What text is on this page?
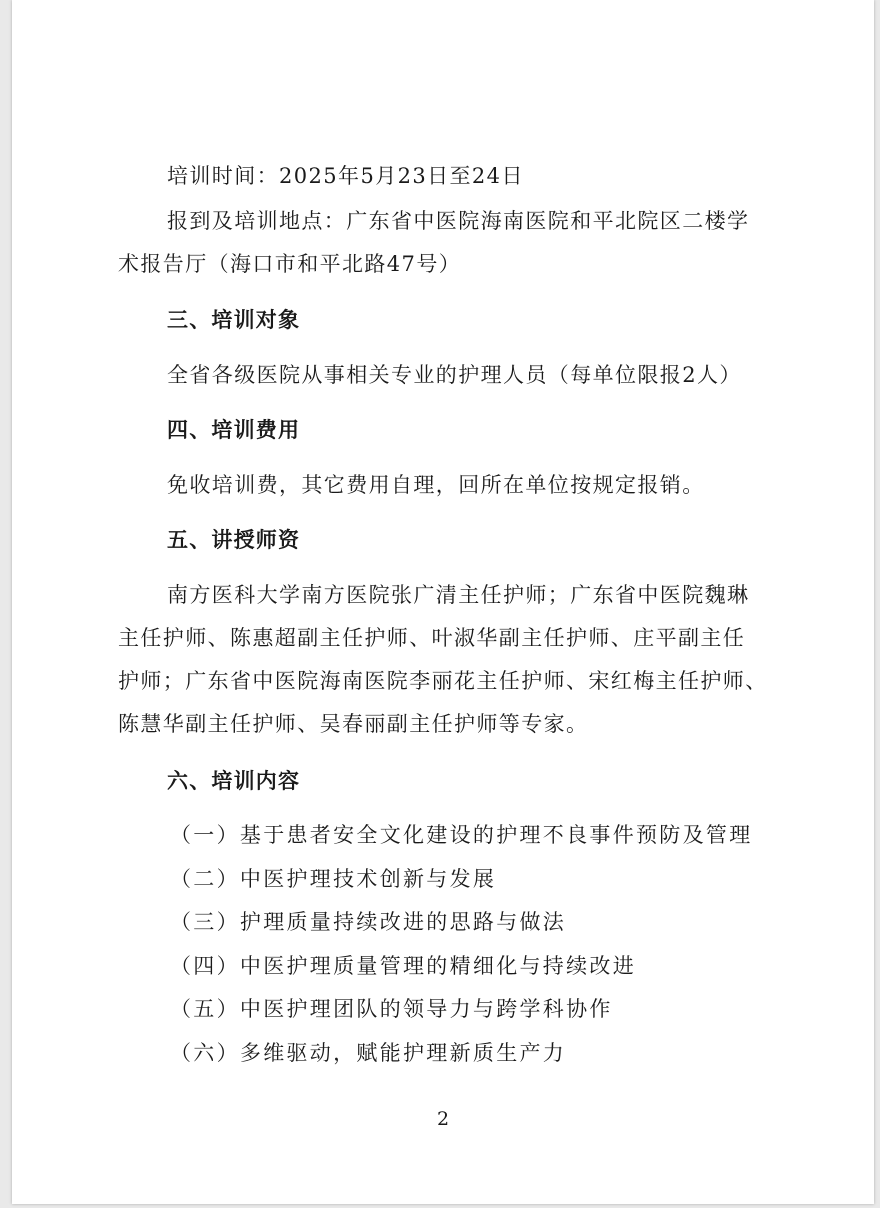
培训时间：2025年5月23日至24日
报到及培训地点：广东省中医院海南医院和平北院区二楼学
术报告厅（海口市和平北路47号）
三、培训对象
全省各级医院从事相关专业的护理人员（每单位限报2人）
四、培训费用
免收培训费，其它费用自理，回所在单位按规定报销。
五、讲授师资
南方医科大学南方医院张广清主任护师；广东省中医院魏琳
主任护师、陈惠超副主任护师、叶淑华副主任护师、庄平副主任
护师；广东省中医院海南医院李丽花主任护师、宋红梅主任护师、
陈慧华副主任护师、吴春丽副主任护师等专家。
六、培训内容
（一）基于患者安全文化建设的护理不良事件预防及管理
（二）中医护理技术创新与发展
（三）护理质量持续改进的思路与做法
（四）中医护理质量管理的精细化与持续改进
（五）中医护理团队的领导力与跨学科协作
（六）多维驱动，赋能护理新质生产力
2
